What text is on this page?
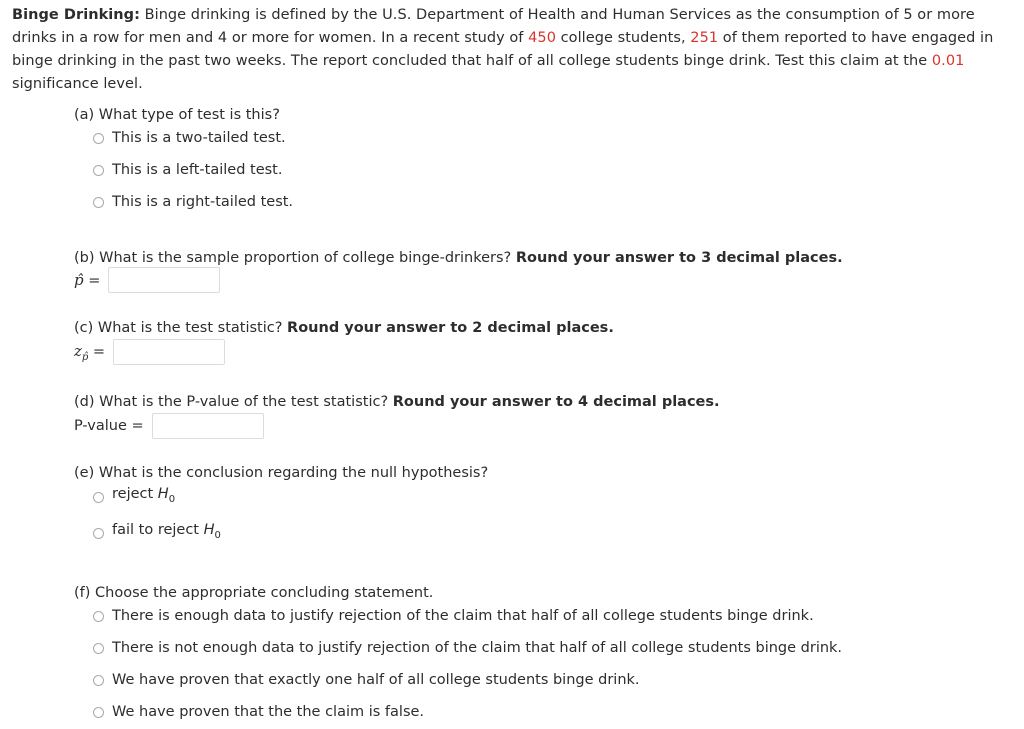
Binge Drinking: Binge drinking is defined by the U.S. Department of Health and Human Services as the consumption of 5 or more drinks in a row for men and 4 or more for women. In a recent study of 450 college students, 251 of them reported to have engaged in binge drinking in the past two weeks. The report concluded that half of all college students binge drink. Test this claim at the 0.01 significance level.
(a) What type of test is this?
This is a two-tailed test.
This is a left-tailed test.
This is a right-tailed test.
(b) What is the sample proportion of college binge-drinkers? Round your answer to 3 decimal places.
p̂ =
(c) What is the test statistic? Round your answer to 2 decimal places.
$z_{p̂}$ =
(d) What is the P-value of the test statistic? Round your answer to 4 decimal places.
P-value =
(e) What is the conclusion regarding the null hypothesis?
reject $H_0$
fail to reject $H_0$
(f) Choose the appropriate concluding statement.
There is enough data to justify rejection of the claim that half of all college students binge drink.
There is not enough data to justify rejection of the claim that half of all college students binge drink.
We have proven that exactly one half of all college students binge drink.
We have proven that the the claim is false.
